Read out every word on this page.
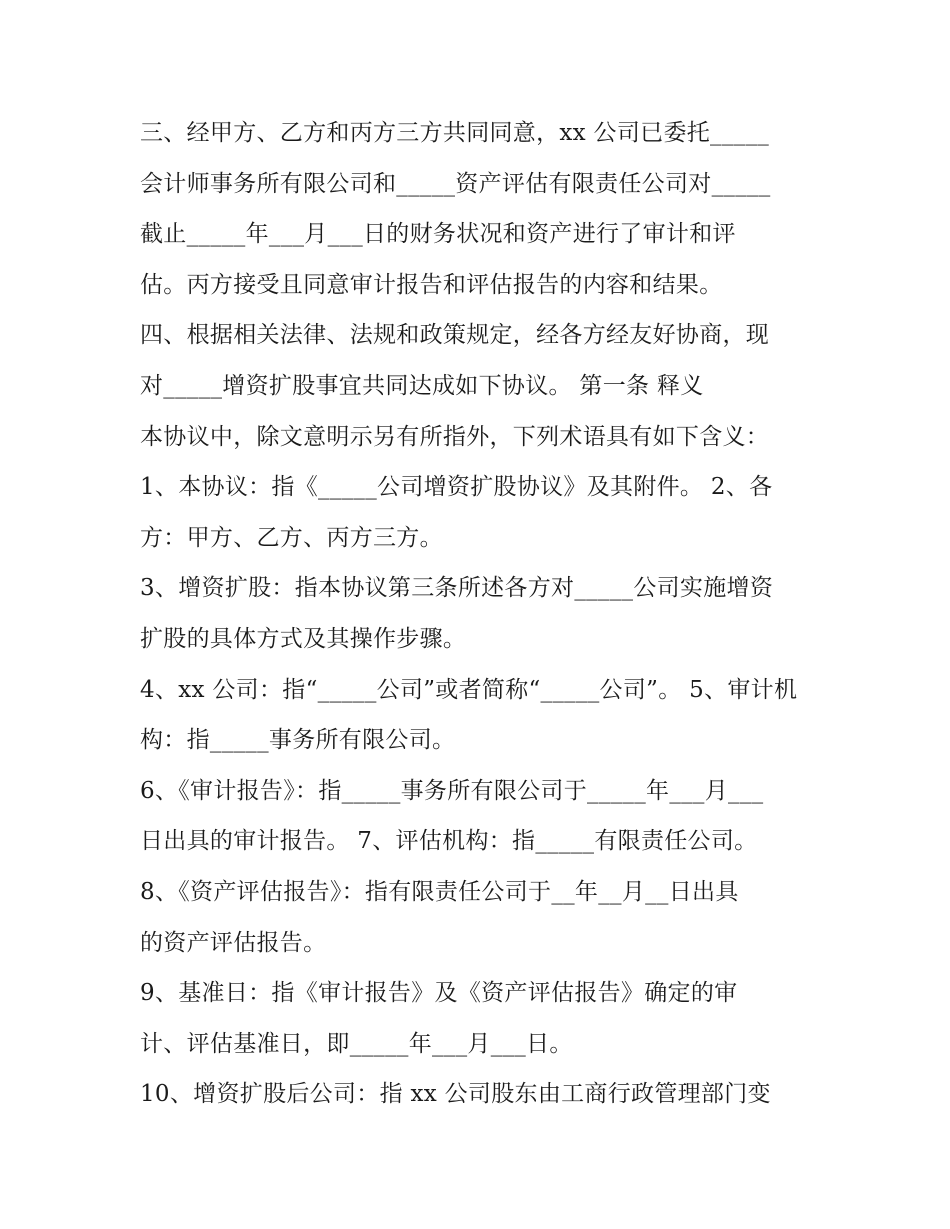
三、经甲方、乙方和丙方三方共同同意，xx 公司已委托_____
会计师事务所有限公司和_____资产评估有限责任公司对_____
截止_____年___月___日的财务状况和资产进行了审计和评
估。丙方接受且同意审计报告和评估报告的内容和结果。
四、根据相关法律、法规和政策规定，经各方经友好协商，现
对_____增资扩股事宜共同达成如下协议。 第一条 释义
本协议中，除文意明示另有所指外，下列术语具有如下含义：
1、本协议：指《_____公司增资扩股协议》及其附件。 2、各
方：甲方、乙方、丙方三方。
3、增资扩股：指本协议第三条所述各方对_____公司实施增资
扩股的具体方式及其操作步骤。
4、xx 公司：指“_____公司”或者简称“_____公司”。 5、审计机
构：指_____事务所有限公司。
6、《审计报告》：指_____事务所有限公司于_____年___月___
日出具的审计报告。 7、评估机构：指_____有限责任公司。
8、《资产评估报告》：指有限责任公司于__年__月__日出具
的资产评估报告。
9、基准日：指《审计报告》及《资产评估报告》确定的审
计、评估基准日，即_____年___月___日。
10、增资扩股后公司：指 xx 公司股东由工商行政管理部门变
